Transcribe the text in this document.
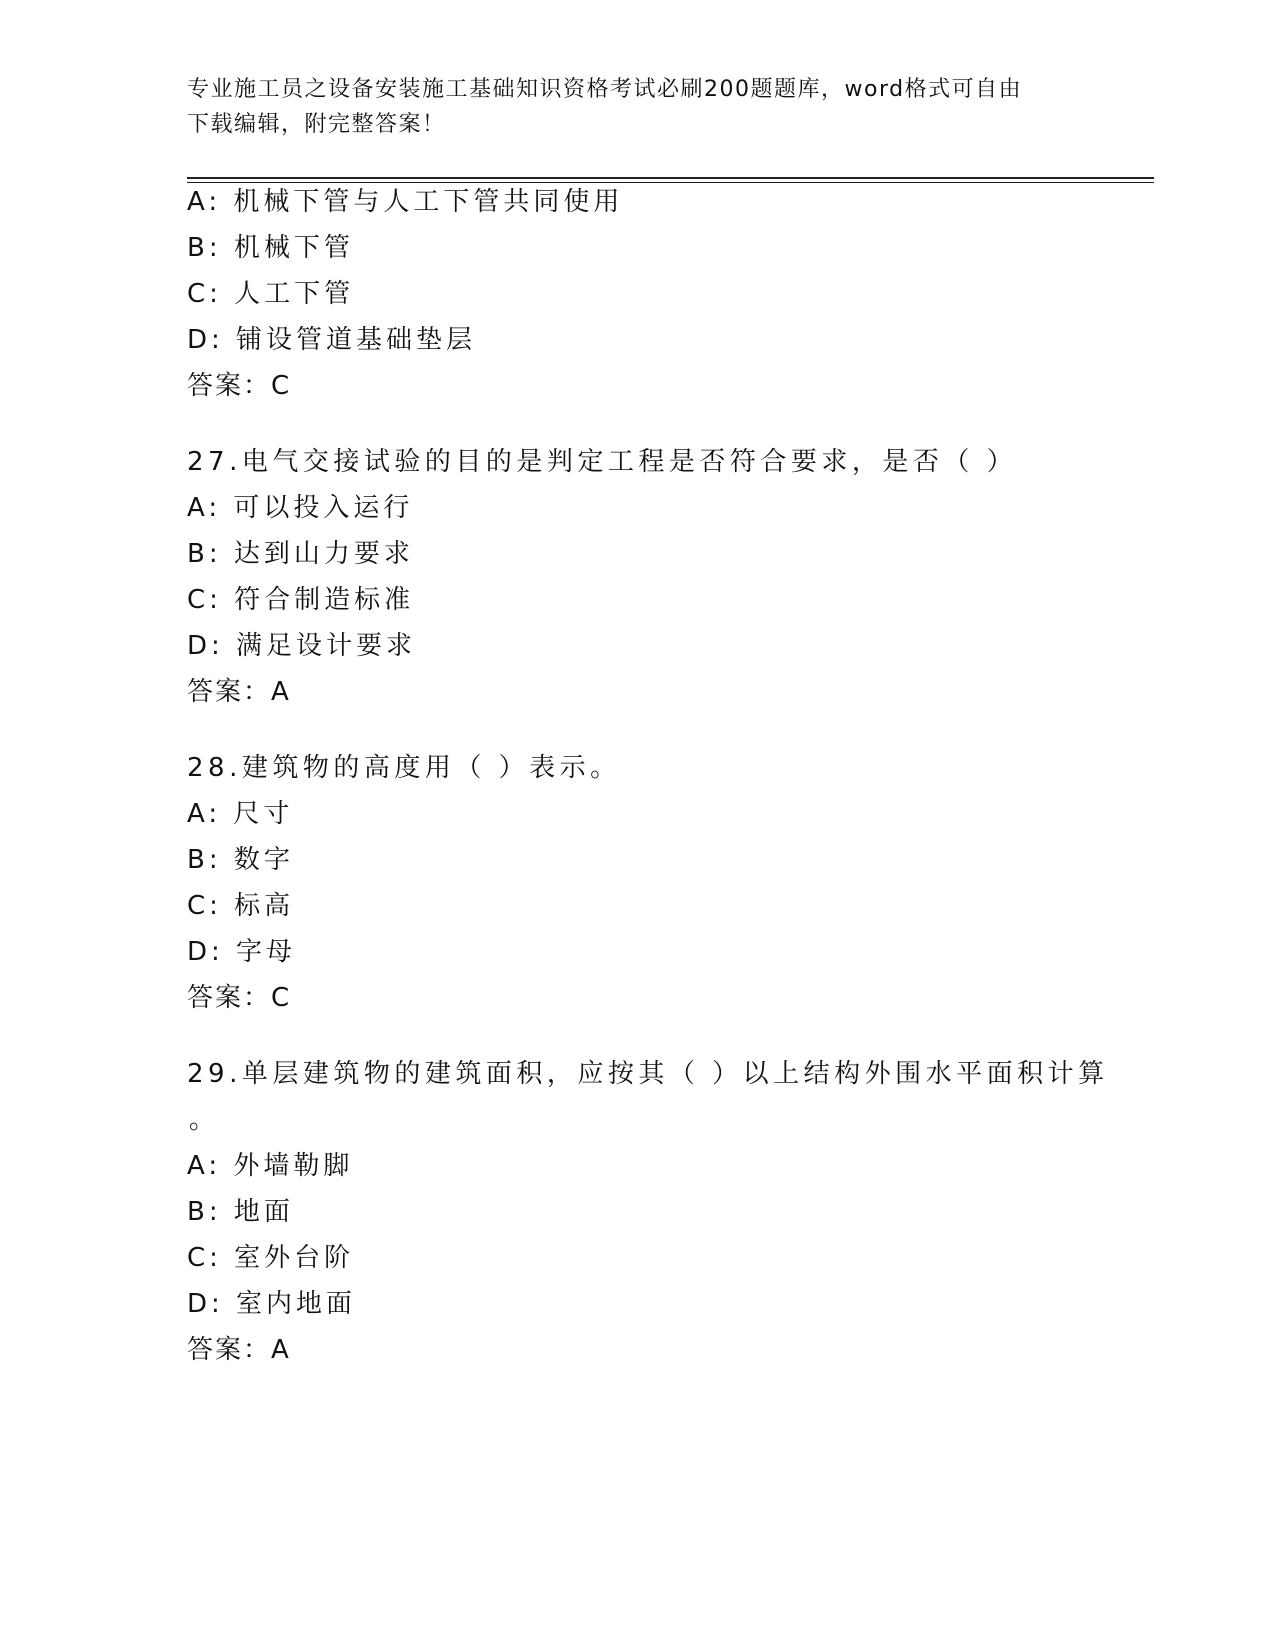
专业施工员之设备安装施工基础知识资格考试必刷200题题库，word格式可自由
下载编辑，附完整答案！
A: 机械下管与人工下管共同使用
B: 机械下管
C: 人工下管
D: 铺设管道基础垫层
答案：C
27.电气交接试验的目的是判定工程是否符合要求，是否（ ）
A: 可以投入运行
B: 达到山力要求
C: 符合制造标准
D: 满足设计要求
答案：A
28.建筑物的高度用（ ）表示。
A: 尺寸
B: 数字
C: 标高
D: 字母
答案：C
29.单层建筑物的建筑面积，应按其（ ）以上结构外围水平面积计算
。
A: 外墙勒脚
B: 地面
C: 室外台阶
D: 室内地面
答案：A
